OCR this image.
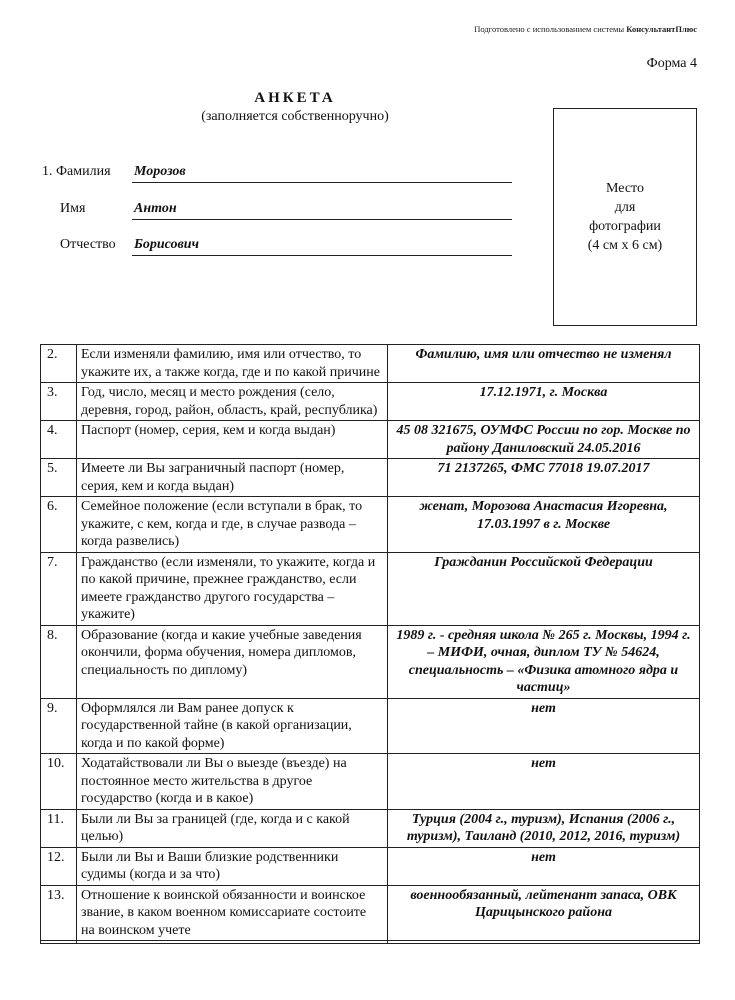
Подготовлено с использованием системы КонсультантПлюс
Форма 4
АНКЕТА
(заполняется собственноручно)
1. Фамилия Морозов
Имя	Антон
Отчество Борисович
Место
для
фотографии
(4 см х 6 см)
2.	Если изменяли фамилию, имя или отчество, то укажите их, а также когда, где и по какой причине	Фамилию, имя или отчество не изменял
3.	Год, число, месяц и место рождения (село, деревня, город, район, область, край, республика)	17.12.1971, г. Москва
4.	Паспорт (номер, серия, кем и когда выдан)	45 08 321675, ОУМФС России по гор. Москве по району Даниловский 24.05.2016
5.	Имеете ли Вы заграничный паспорт (номер, серия, кем и когда выдан)	71 2137265, ФМС 77018 19.07.2017
6.	Семейное положение (если вступали в брак, то укажите, с кем, когда и где, в случае развода – когда развелись)	женат, Морозова Анастасия Игоревна, 17.03.1997 в г. Москве
7.	Гражданство (если изменяли, то укажите, когда и по какой причине, прежнее гражданство, если имеете гражданство другого государства – укажите)	Гражданин Российской Федерации
8.	Образование (когда и какие учебные заведения окончили, форма обучения, номера дипломов, специальность по диплому)	1989 г. - средняя школа № 265 г. Москвы, 1994 г. – МИФИ, очная, диплом ТУ № 54624, специальность – «Физика атомного ядра и частиц»
9.	Оформлялся ли Вам ранее допуск к государственной тайне (в какой организации, когда и по какой форме)	нет
10.	Ходатайствовали ли Вы о выезде (въезде) на постоянное место жительства в другое государство (когда и в какое)	нет
11.	Были ли Вы за границей (где, когда и с какой целью)	Турция (2004 г., туризм), Испания (2006 г., туризм), Таиланд (2010, 2012, 2016, туризм)
12.	Были ли Вы и Ваши близкие родственники судимы (когда и за что)	нет
13.	Отношение к воинской обязанности и воинское звание, в каком военном комиссариате состоите на воинском учете	военнообязанный, лейтенант запаса, ОВК Царицынского района
